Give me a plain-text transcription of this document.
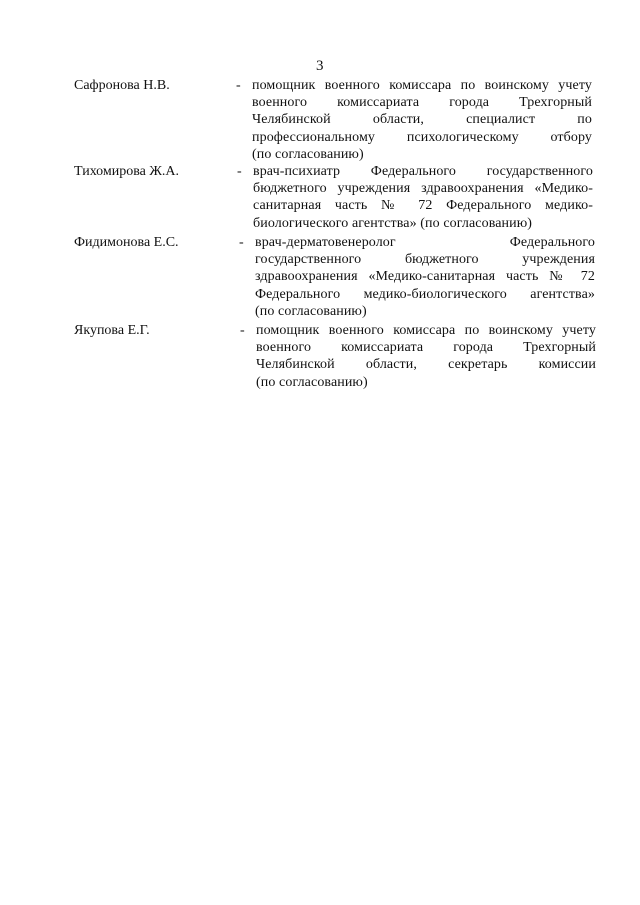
3
Сафронова Н.В.	- помощник военного комиссара по воинскому учету
военного комиссариата города Трехгорный
Челябинской области, специалист по
профессиональному психологическому отбору
(по согласованию)
Тихомирова Ж.А.	- врач-психиатр Федерального государственного
бюджетного учреждения здравоохранения «Медико-
санитарная часть № 72 Федерального медико-
биологического агентства» (по согласованию)
Фидимонова Е.С.	- врач-дерматовенеролог Федерального
государственного бюджетного учреждения
здравоохранения «Медико-санитарная часть № 72
Федерального медико-биологического агентства»
(по согласованию)
Якупова Е.Г.	- помощник военного комиссара по воинскому учету
военного комиссариата города Трехгорный
Челябинской области, секретарь комиссии
(по согласованию)
